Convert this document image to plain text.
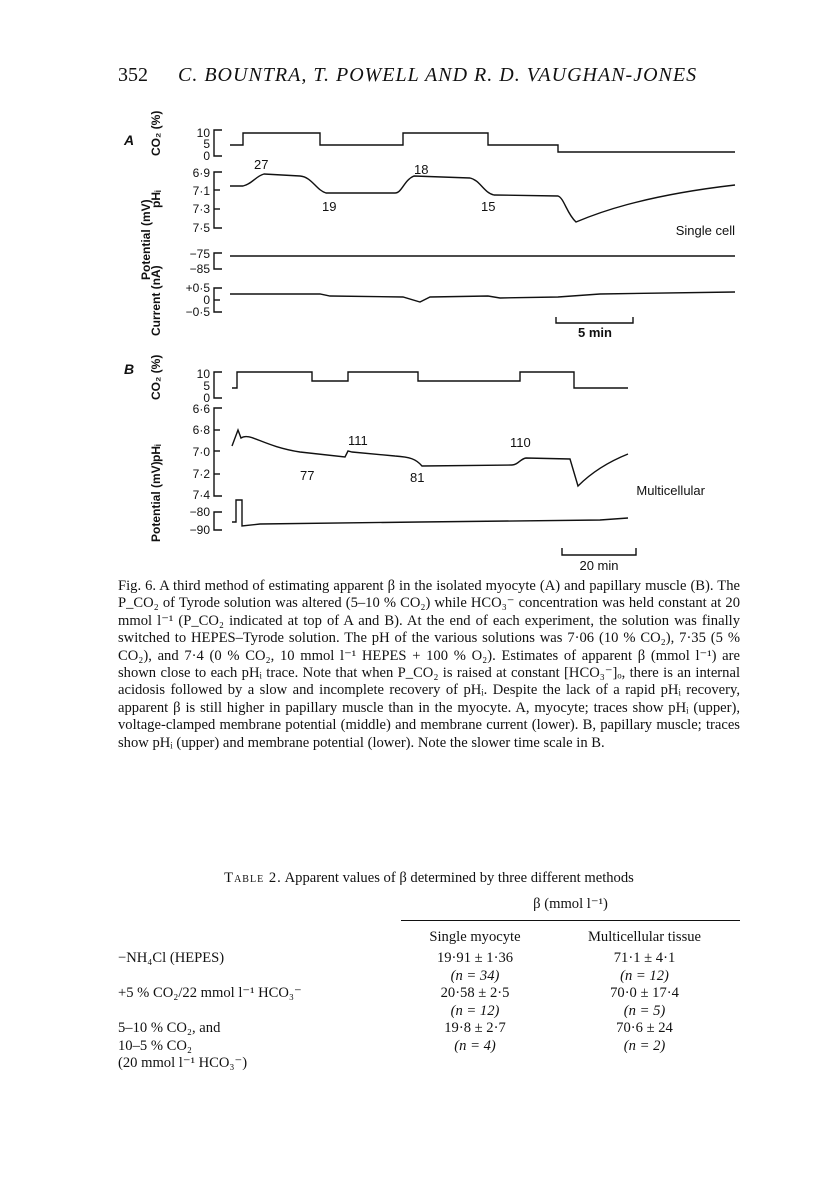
352 C. BOUNTRA, T. POWELL AND R. D. VAUGHAN-JONES
A CO₂ (%)	10
5
0
pHᵢ
6·9
7·1
7·3
7·5
Potential (mV)	−75
−85
Current (nA) +0·5
0
−0·5
27
19
18
15
Single cell
5 min
B CO₂ (%)	10
5
0
pHᵢ
6·6
6·8
7·0
7·2
7·4
Potential (mV) −80
−90
111
77	81
110
Multicellular
20 min

Fig. 6. A third method of estimating apparent β in the isolated myocyte (A) and papillary muscle (B). The P_CO₂ of Tyrode solution was altered (5–10 % CO₂) while HCO₃⁻ concentration was held constant at 20 mmol l⁻¹ (P_CO₂ indicated at top of A and B). At the end of each experiment, the solution was finally switched to HEPES–Tyrode solution. The pH of the various solutions was 7·06 (10 % CO₂), 7·35 (5 % CO₂), and 7·4 (0 % CO₂, 10 mmol l⁻¹ HEPES + 100 % O₂). Estimates of apparent β (mmol l⁻¹) are shown close to each pHᵢ trace. Note that when P_CO₂ is raised at constant [HCO₃⁻]ₒ, there is an internal acidosis followed by a slow and incomplete recovery of pHᵢ. Despite the lack of a rapid pHᵢ recovery, apparent β is still higher in papillary muscle than in the myocyte. A, myocyte; traces show pHᵢ (upper), voltage-clamped membrane potential (middle) and membrane current (lower). B, papillary muscle; traces show pHᵢ (upper) and membrane potential (lower). Note the slower time scale in B.

Table 2. Apparent values of β determined by three different methods
	β (mmol l⁻¹)	

	Single myocyte	Multicellular tissue

−NH₄Cl (HEPES)	19·91 ± 1·36	71·1 ± 4·1
	(n = 34)	(n = 12)
+5 % CO₂/22 mmol l⁻¹ HCO₃⁻	20·58 ± 2·5	70·0 ± 17·4
	(n = 12)	(n = 5)
5–10 % CO₂, and	19·8 ± 2·7	70·6 ± 24
10–5 % CO₂	(n = 4)	(n = 2)
(20 mmol l⁻¹ HCO₃⁻)		
